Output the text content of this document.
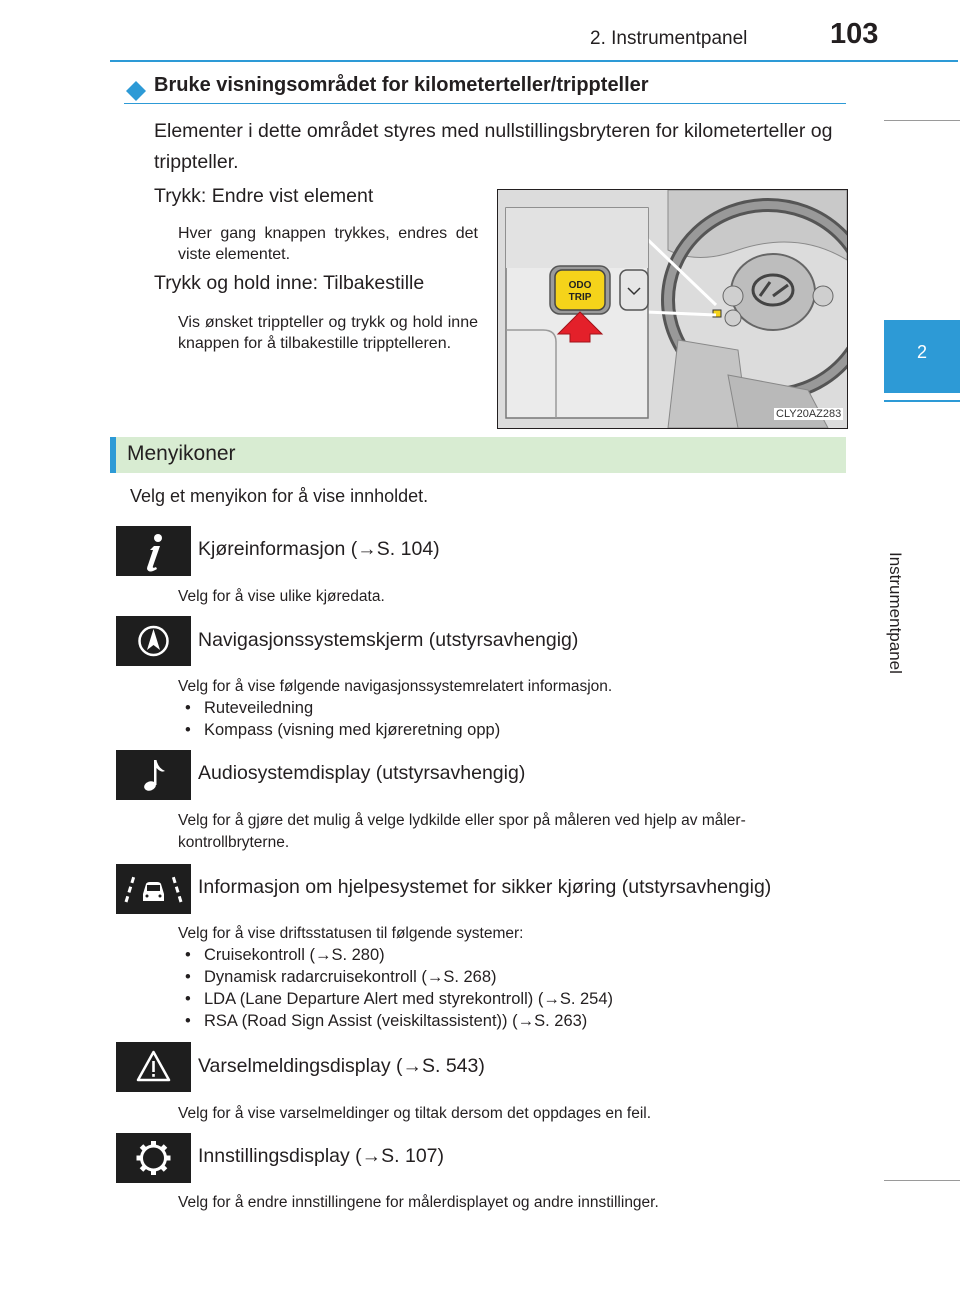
2. Instrumentpanel	103
2
Instrumentpanel
Bruke visningsområdet for kilometerteller/trippteller
Elementer i dette området styres med nullstillingsbryteren for kilometerteller og trippteller.
Trykk: Endre vist element
Hver gang knappen trykkes, endres det viste elementet.
Trykk og hold inne: Tilbakestille
Vis ønsket trippteller og trykk og hold inne knappen for å tilbakestille tripptelleren.
ODO
TRIP
CLY20AZ283
Menyikoner
Velg et menyikon for å vise innholdet.
Kjøreinformasjon (→S. 104)
Velg for å vise ulike kjøredata.
Navigasjonssystemskjerm (utstyrsavhengig)
Velg for å vise følgende navigasjonssystemrelatert informasjon.
• Ruteveiledning
• Kompass (visning med kjøreretning opp)
Audiosystemdisplay (utstyrsavhengig)
Velg for å gjøre det mulig å velge lydkilde eller spor på måleren ved hjelp av måler-kontrollbryterne.
Informasjon om hjelpesystemet for sikker kjøring (utstyrsavhengig)
Velg for å vise driftsstatusen til følgende systemer:
• Cruisekontroll (→S. 280)
• Dynamisk radarcruisekontroll (→S. 268)
• LDA (Lane Departure Alert med styrekontroll) (→S. 254)
• RSA (Road Sign Assist (veiskiltassistent)) (→S. 263)
Varselmeldingsdisplay (→S. 543)
Velg for å vise varselmeldinger og tiltak dersom det oppdages en feil.
Innstillingsdisplay (→S. 107)
Velg for å endre innstillingene for målerdisplayet og andre innstillinger.
